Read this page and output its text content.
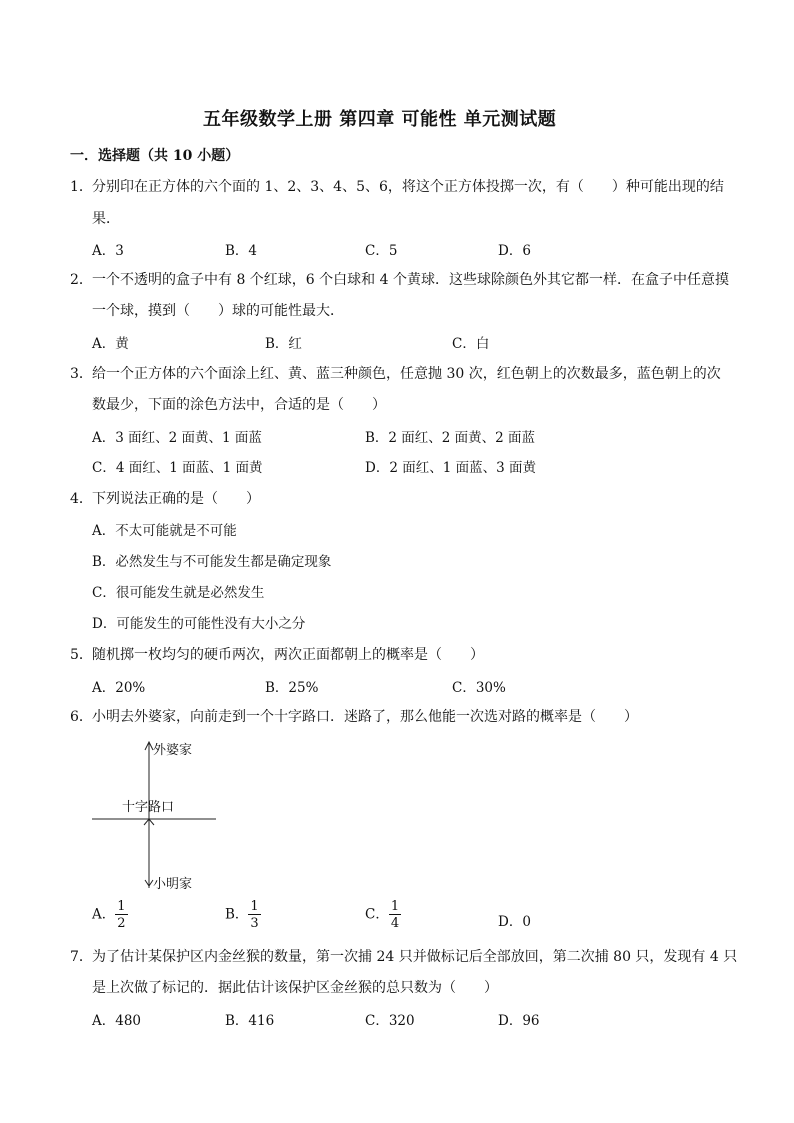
五年级数学上册 第四章 可能性 单元测试题
一．选择题（共 10 小题）
1． 分别印在正方体的六个面的 1、2、3、4、5、6，将这个正方体投掷一次，有（　　）种可能出现的结
果．
A．3	B．4	C．5	D．6
2． 一个不透明的盒子中有 8 个红球，6 个白球和 4 个黄球．这些球除颜色外其它都一样．在盒子中任意摸
一个球，摸到（　　）球的可能性最大．
A．黄	B．红	C．白
3． 给一个正方体的六个面涂上红、黄、蓝三种颜色，任意抛 30 次，红色朝上的次数最多，蓝色朝上的次
数最少，下面的涂色方法中，合适的是（　　）
A．3 面红、2 面黄、1 面蓝	B．2 面红、2 面黄、2 面蓝
C．4 面红、1 面蓝、1 面黄	D．2 面红、1 面蓝、3 面黄
4． 下列说法正确的是（　　）
A．不太可能就是不可能
B．必然发生与不可能发生都是确定现象
C．很可能发生就是必然发生
D．可能发生的可能性没有大小之分
5． 随机掷一枚均匀的硬币两次，两次正面都朝上的概率是（　　）
A．20%	B．25%	C．30%
6． 小明去外婆家，向前走到一个十字路口．迷路了，那么他能一次选对路的概率是（　　）
外婆家
十字路口
小明家
A． $\frac{1}{2}$	B． $\frac{1}{3}$	C． $\frac{1}{4}$	D．0
7． 为了估计某保护区内金丝猴的数量，第一次捕 24 只并做标记后全部放回，第二次捕 80 只，发现有 4 只
是上次做了标记的．据此估计该保护区金丝猴的总只数为（　　）
A．480	B．416	C．320	D．96
